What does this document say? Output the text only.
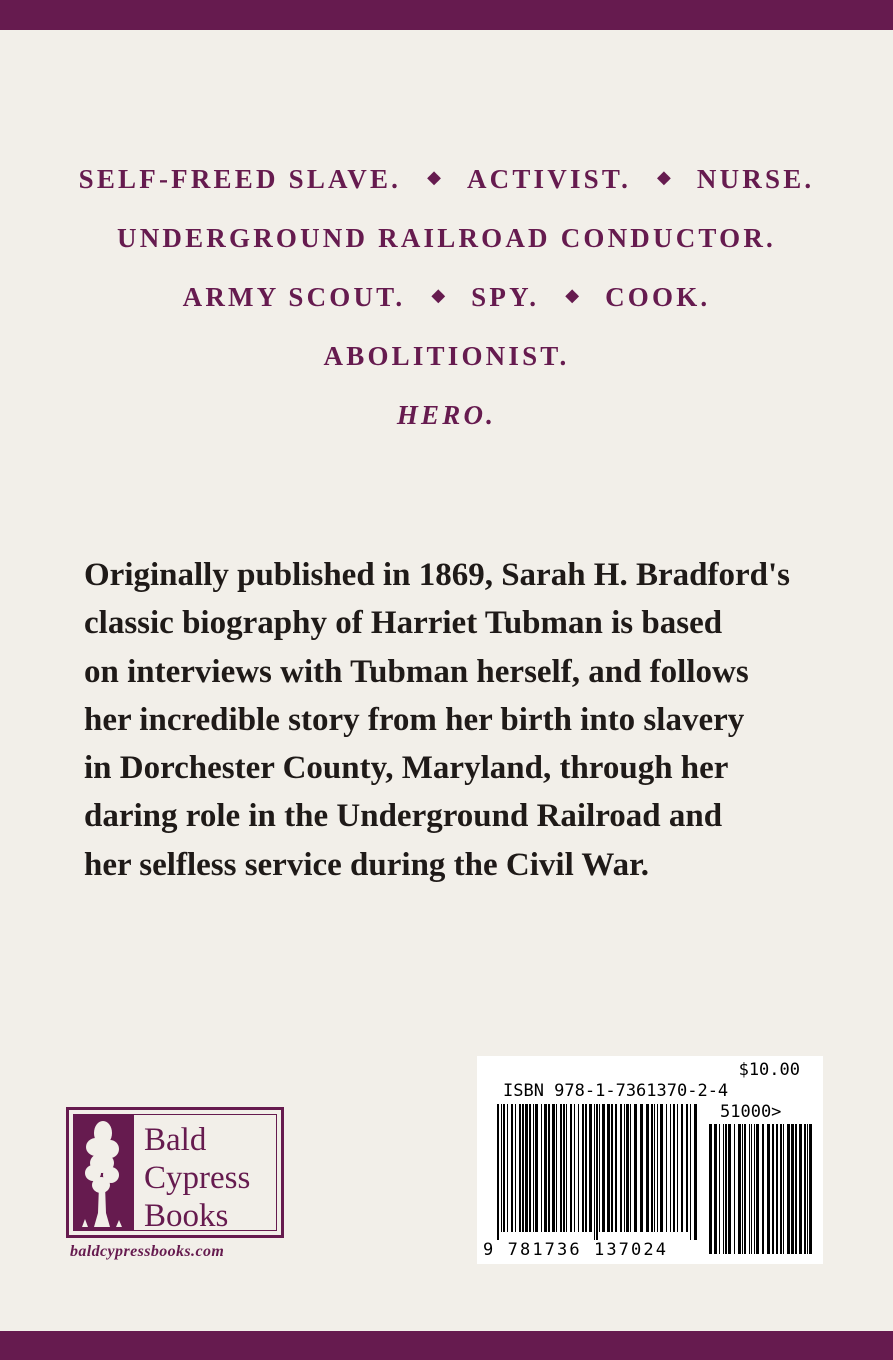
SELF-FREED SLAVE. ◆ ACTIVIST. ◆ NURSE.
UNDERGROUND RAILROAD CONDUCTOR.
ARMY SCOUT. ◆ SPY. ◆ COOK.
ABOLITIONIST.
HERO.
Originally published in 1869, Sarah H. Bradford's
classic biography of Harriet Tubman is based
on interviews with Tubman herself, and follows
her incredible story from her birth into slavery
in Dorchester County, Maryland, through her
daring role in the Underground Railroad and
her selfless service during the Civil War.
Bald
Cypress
Books
baldcypressbooks.com
$10.00
ISBN 978-1-7361370-2-4
51000>
9 781736 137024
